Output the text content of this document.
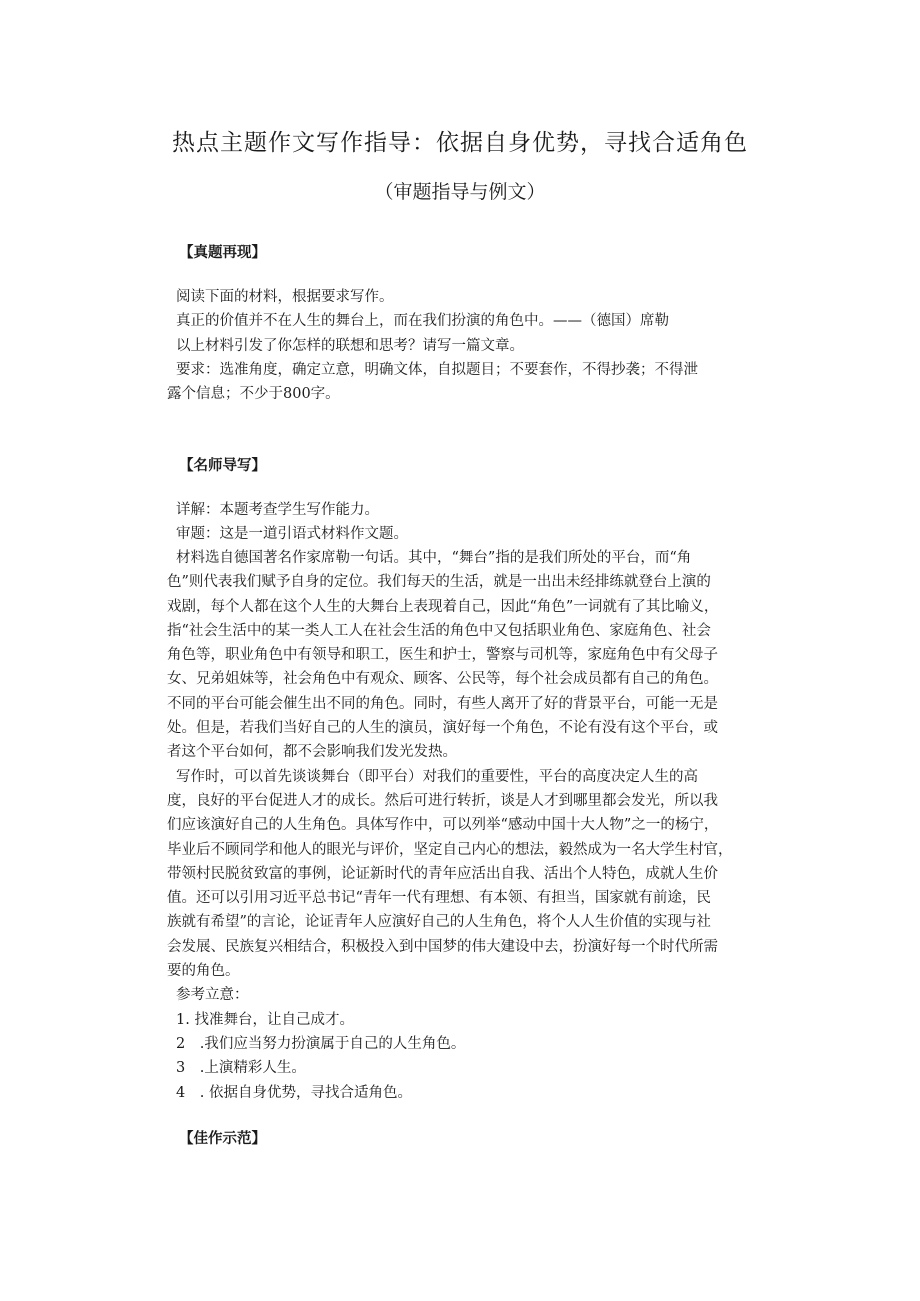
热点主题作文写作指导：依据自身优势，寻找合适角色
（审题指导与例文）
【真题再现】
阅读下面的材料，根据要求写作。
真正的价值并不在人生的舞台上，而在我们扮演的角色中。——（德国）席勒
以上材料引发了你怎样的联想和思考？请写一篇文章。
要求：选准角度，确定立意，明确文体，自拟题目；不要套作，不得抄袭；不得泄
露个信息；不少于800字。
【名师导写】
详解：本题考查学生写作能力。
审题：这是一道引语式材料作文题。
材料选自德国著名作家席勒一句话。其中，“舞台”指的是我们所处的平台，而“角
色”则代表我们赋予自身的定位。我们每天的生活，就是一出出未经排练就登台上演的
戏剧，每个人都在这个人生的大舞台上表现着自己，因此“角色”一词就有了其比喻义，
指“社会生活中的某一类人工人在社会生活的角色中又包括职业角色、家庭角色、社会
角色等，职业角色中有领导和职工，医生和护士，警察与司机等，家庭角色中有父母子
女、兄弟姐妹等，社会角色中有观众、顾客、公民等，每个社会成员都有自己的角色。
不同的平台可能会催生出不同的角色。同时，有些人离开了好的背景平台，可能一无是
处。但是，若我们当好自己的人生的演员，演好每一个角色，不论有没有这个平台，或
者这个平台如何，都不会影响我们发光发热。
写作时，可以首先谈谈舞台（即平台）对我们的重要性，平台的高度决定人生的高
度，良好的平台促进人才的成长。然后可进行转折，谈是人才到哪里都会发光，所以我
们应该演好自己的人生角色。具体写作中，可以列举“感动中国十大人物”之一的杨宁，
毕业后不顾同学和他人的眼光与评价，坚定自己内心的想法，毅然成为一名大学生村官，
带领村民脱贫致富的事例，论证新时代的青年应活出自我、活出个人特色，成就人生价
值。还可以引用习近平总书记“青年一代有理想、有本领、有担当，国家就有前途，民
族就有希望”的言论，论证青年人应演好自己的人生角色，将个人人生价值的实现与社
会发展、民族复兴相结合，积极投入到中国梦的伟大建设中去，扮演好每一个时代所需
要的角色。
参考立意：
1. 找准舞台，让自己成才。
2　.我们应当努力扮演属于自己的人生角色。
3　.上演精彩人生。
4　. 依据自身优势，寻找合适角色。
【佳作示范】
